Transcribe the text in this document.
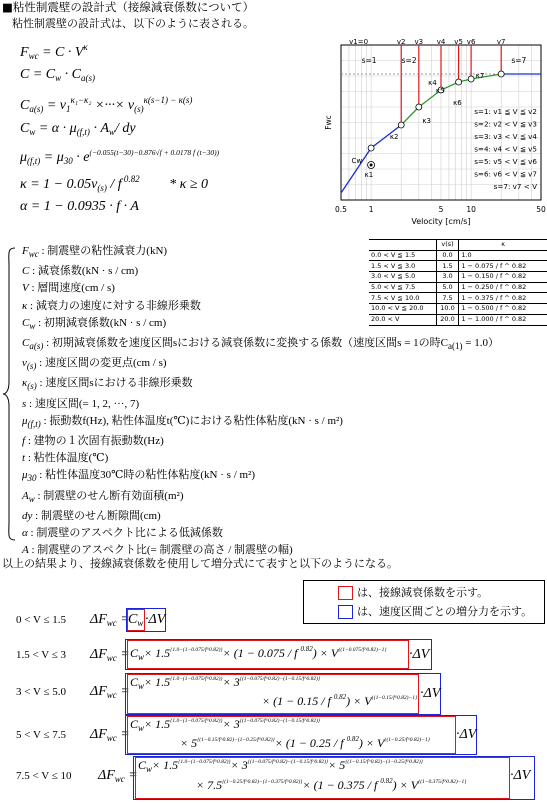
■粘性制震壁の設計式（接線減衰係数について）
粘性制震壁の設計式は、以下のように表される。
$F_{wc} = C \cdot V^\kappa$
$C = C_w \cdot C_{a(s)}$
$C_{a(s)} = v_1^{\kappa_1-\kappa_2}$ ×···× $v_{(s)}^{\kappa(s-1) - \kappa(s)}$
$C_w = \alpha \cdot \mu_{(f,t)} \cdot A_w/$ dy
$\mu_{(f,t)} = \mu_{30} \cdot e^{(-0.055(t-30)-0.876√f + 0.0178 f (t-30))}$
$\kappa = 1 - 0.05v_{(s)} / f$ $^{0.82}$ * κ ≥ 0
α = 1 − 0.0935 · f · A	0.5	1	5	10	50
Velocity [cm/s]
Fwc
v1=0	v2 v3 v4 v5 v6	v7
s=1	s=2	s=7
Cw
κ1
κ2
κ3
κ4
κ5
κ6
κ7
s=1: v1 ≦ V ≦ v2
s=2: v2 < V ≦ v3
s=3: v3 < V ≦ v4
s=4: v4 < V ≦ v5
s=5: v5 < V ≦ v6
s=6: v6 < V ≦ v7
s=7: v7 < V
$F_{wc}$ : 制震壁の粘性減衰力(kN)
C : 減衰係数(kN · s / cm)
V : 層間速度(cm / s)
κ : 減衰力の速度に対する非線形乗数
$C_w$ : 初期減衰係数(kN · s / cm)
$C_{a(s)}$ : 初期減衰係数を速度区間sにおける減衰係数に変換する係数（速度区間s = 1の時$C_{a(1)} = 1.0$）
$v_{(s)}$ : 速度区間の変更点(cm / s)
$\kappa_{(s)}$ : 速度区間sにおける非線形乗数
s : 速度区間(= 1, 2, ···, 7)
$\mu_{(f,t)}$ : 振動数f(Hz), 粘性体温度t(℃)における粘性体粘度(kN · s / m²)
f : 建物の１次固有振動数(Hz)
t : 粘性体温度(℃)
$\mu_{30}$ : 粘性体温度30℃時の粘性体粘度(kN · s / m²)
$A_w$ : 制震壁のせん断有効面積(m²)
dy : 制震壁のせん断隙間(cm)
α : 制震壁のアスペクト比による低減係数
A : 制震壁のアスペクト比(= 制震壁の高さ / 制震壁の幅)
	v(s)	κ
0.0 < V ≦ 1.5	0.0	1.0
1.5 < V ≦ 3.0	1.5	1 − 0.075 / f ^ 0.82
3.0 < V ≦ 5.0	3.0	1 − 0.150 / f ^ 0.82
5.0 < V ≦ 7.5	5.0	1 − 0.250 / f ^ 0.82
7.5 < V ≦ 10.0	7.5	1 − 0.375 / f ^ 0.82
10.0 < V ≦ 20.0	10.0	1 − 0.500 / f ^ 0.82
20.0 < V	20.0	1 − 1.000 / f ^ 0.82
以上の結果より、接線減衰係数を使用して増分式にて表すと以下のようになる。
は、接線減衰係数を示す。
は、速度区間ごとの増分力を示す。
0 < V ≤ 1.5 $\Delta F_{wc}$ =
$C_w \cdot\Delta V$
1.5 < V ≤ 3 $\Delta F_{wc} = C_w\times 1.5^{\{1.0-(1-0.075/f\^{}0.82)\}}\times (1 - 0.075 / f$ $^{0.82}) \times V^{\{(1-0.075/f\^{}0.82)-1\}} \cdot\Delta V$
3 < V ≤ 5.0 $\Delta F_{wc}$ =
$C_w\times 1.5^{\{1.0-(1-0.075/f\^{}0.82)\}}\times 3^{\{(1-0.075/f\^{}0.82)-(1-0.15/f\^{}0.82)\}}$
× (1 − 0.15 / f $^{0.82}) \times V^{\{(1-0.15/f\^{}0.82)-1\}} \cdot\Delta V$
5 < V ≤ 7.5 $\Delta F_{wc}$ =
$C_w\times 1.5^{\{1.0-(1-0.075/f\^{}0.82)\}}\times 3^{\{(1-0.075/f\^{}0.82)-(1-0.15/f\^{}0.82)\}}$
× $5^{\{(1-0.15/f\^{}0.82)-(1-0.25/f\^{}0.82)\}}\times (1 - 0.25 / f$ $^{0.82}) \times V^{\{(1-0.25/f\^{}0.82)-1\}} \cdot\Delta V$
7.5 < V ≤ 10 $\Delta F_{wc}$ =
$C_w\times 1.5^{\{1.0-(1-0.075/f\^{}0.82)\}}\times 3^{\{(1-0.075/f\^{}0.82)-(1-0.15/f\^{}0.82)\}}\times 5^{\{(1-0.15/f\^{}0.82)-(1-0.25/f\^{}0.82)\}}$
× $7.5^{\{(1-0.25/f\^{}0.82)-(1-0.375/f\^{}0.82)\}}\times (1 - 0.375 / f$ $^{0.82}) \times V^{\{(1-0.375/f\^{}0.82)-1\}}$	·ΔV
